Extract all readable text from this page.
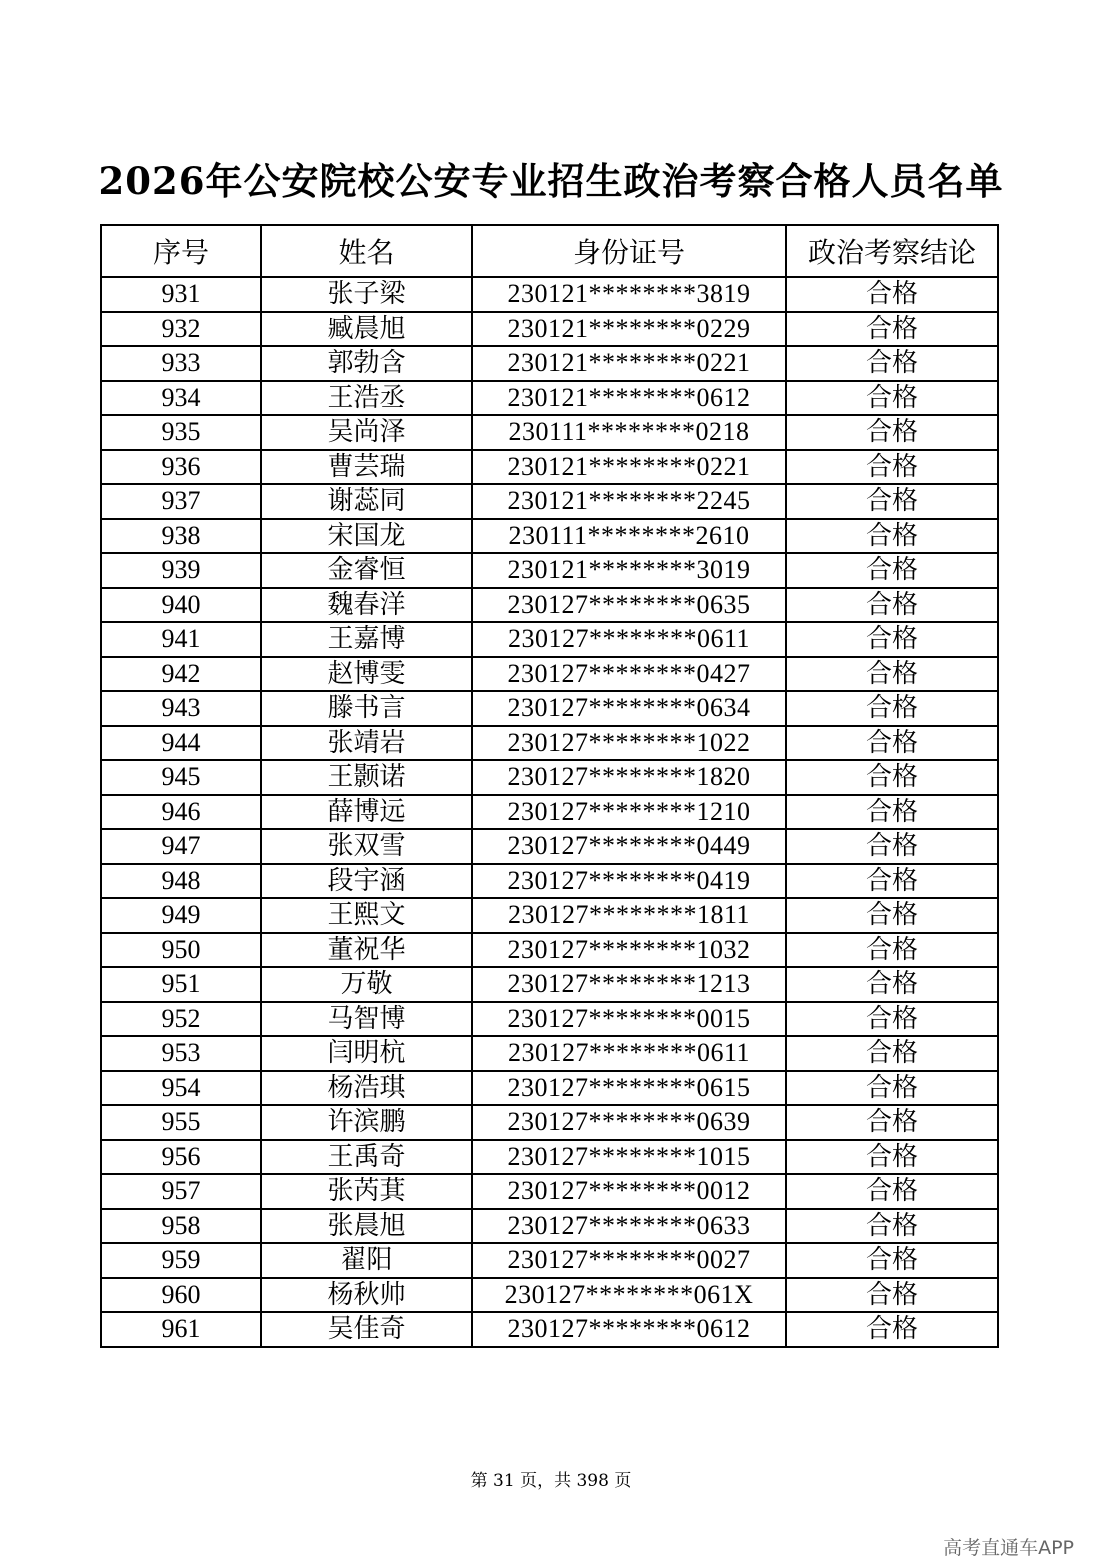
2026年公安院校公安专业招生政治考察合格人员名单
序号	姓名	身份证号	政治考察结论
931	张子梁	230121********3819	合格
932	臧晨旭	230121********0229	合格
933	郭勃含	230121********0221	合格
934	王浩丞	230121********0612	合格
935	吴尚泽	230111********0218	合格
936	曹芸瑞	230121********0221	合格
937	谢蕊同	230121********2245	合格
938	宋国龙	230111********2610	合格
939	金睿恒	230121********3019	合格
940	魏春洋	230127********0635	合格
941	王嘉博	230127********0611	合格
942	赵博雯	230127********0427	合格
943	滕书言	230127********0634	合格
944	张靖岩	230127********1022	合格
945	王颢诺	230127********1820	合格
946	薛博远	230127********1210	合格
947	张双雪	230127********0449	合格
948	段宇涵	230127********0419	合格
949	王熙文	230127********1811	合格
950	董祝华	230127********1032	合格
951	万敬	230127********1213	合格
952	马智博	230127********0015	合格
953	闫明杭	230127********0611	合格
954	杨浩琪	230127********0615	合格
955	许滨鹏	230127********0639	合格
956	王禹奇	230127********1015	合格
957	张芮萁	230127********0012	合格
958	张晨旭	230127********0633	合格
959	翟阳	230127********0027	合格
960	杨秋帅	230127********061X	合格
961	吴佳奇	230127********0612	合格
第 31 页，共 398 页
高考直通车APP
